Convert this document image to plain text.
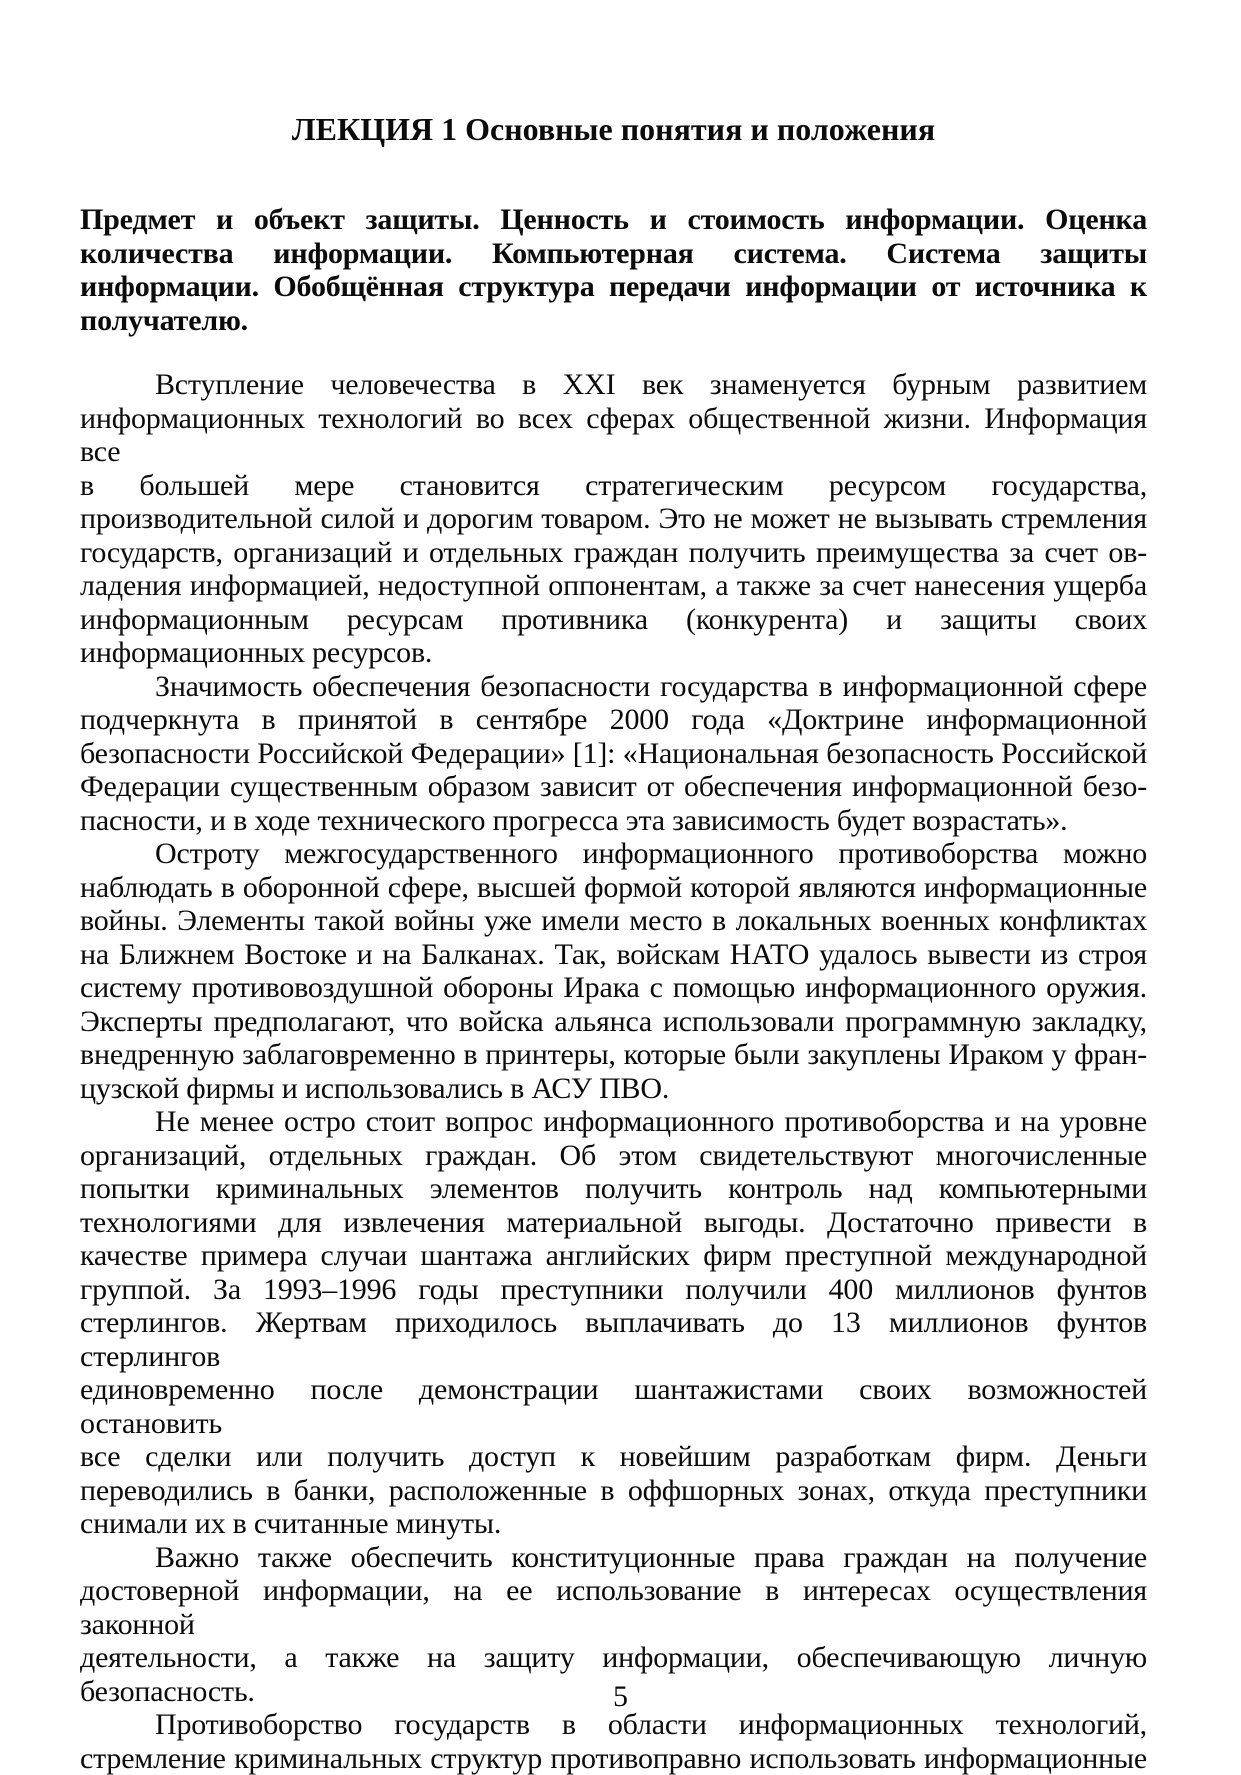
ЛЕКЦИЯ 1 Основные понятия и положения
Предмет и объект защиты. Ценность и стоимость информации. Оценка
количества информации. Компьютерная система. Система защиты
информации. Обобщённая структура передачи информации от источника к
получателю.
Вступление человечества в XXI век знаменуется бурным развитием
информационных технологий во всех сферах общественной жизни. Информация все
в большей мере становится стратегическим ресурсом государства,
производительной силой и дорогим товаром. Это не может не вызывать стремления
государств, организаций и отдельных граждан получить преимущества за счет ов-
ладения информацией, недоступной оппонентам, а также за счет нанесения ущерба
информационным ресурсам противника (конкурента) и защиты своих
информационных ресурсов.
Значимость обеспечения безопасности государства в информационной сфере
подчеркнута в принятой в сентябре 2000 года «Доктрине информационной
безопасности Российской Федерации» [1]: «Национальная безопасность Российской
Федерации существенным образом зависит от обеспечения информационной безо-
пасности, и в ходе технического прогресса эта зависимость будет возрастать».
Остроту межгосударственного информационного противоборства можно
наблюдать в оборонной сфере, высшей формой которой являются информационные
войны. Элементы такой войны уже имели место в локальных военных конфликтах
на Ближнем Востоке и на Балканах. Так, войскам НАТО удалось вывести из строя
систему противовоздушной обороны Ирака с помощью информационного оружия.
Эксперты предполагают, что войска альянса использовали программную закладку,
внедренную заблаговременно в принтеры, которые были закуплены Ираком у фран-
цузской фирмы и использовались в АСУ ПВО.
Не менее остро стоит вопрос информационного противоборства и на уровне
организаций, отдельных граждан. Об этом свидетельствуют многочисленные
попытки криминальных элементов получить контроль над компьютерными
технологиями для извлечения материальной выгоды. Достаточно привести в
качестве примера случаи шантажа английских фирм преступной международной
группой. За 1993–1996 годы преступники получили 400 миллионов фунтов
стерлингов. Жертвам приходилось выплачивать до 13 миллионов фунтов стерлингов
единовременно после демонстрации шантажистами своих возможностей остановить
все сделки или получить доступ к новейшим разработкам фирм. Деньги
переводились в банки, расположенные в оффшорных зонах, откуда преступники
снимали их в считанные минуты.
Важно также обеспечить конституционные права граждан на получение
достоверной информации, на ее использование в интересах осуществления законной
деятельности, а также на защиту информации, обеспечивающую личную
безопасность.
Противоборство государств в области информационных технологий,
стремление криминальных структур противоправно использовать информационные
5
